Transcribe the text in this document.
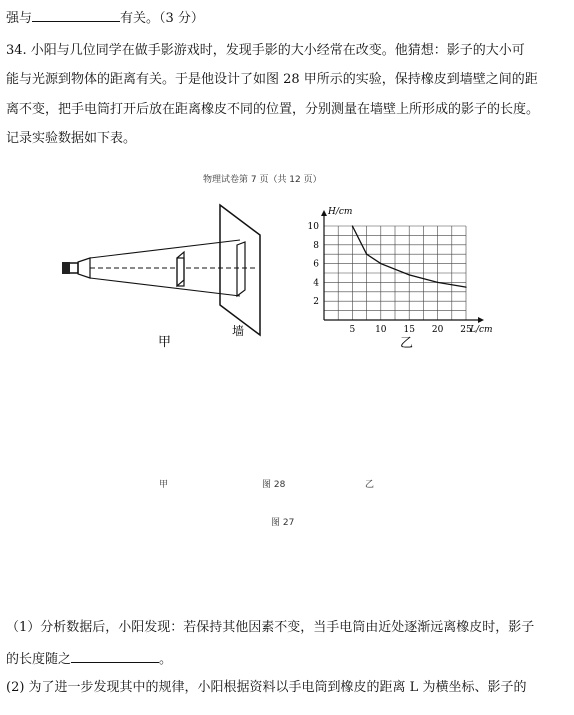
强与	有关。（3 分）
34. 小阳与几位同学在做手影游戏时，发现手影的大小经常在改变。他猜想：影子的大小可
能与光源到物体的距离有关。于是他设计了如图 28 甲所示的实验，保持橡皮到墙壁之间的距
离不变，把手电筒打开后放在距离橡皮不同的位置，分别测量在墙壁上所形成的影子的长度。
记录实验数据如下表。
物理试卷第 7 页（共 12 页）
甲
墙	5 10 15 20 25
2
4
6
8
10
H/cm
L/cm
乙
甲	图 28	乙
图 27
（1）分析数据后，小阳发现：若保持其他因素不变，当手电筒由近处逐渐远离橡皮时，影子
的长度随之	。
(2) 为了进一步发现其中的规律，小阳根据资料以手电筒到橡皮的距离 L 为横坐标、影子的
